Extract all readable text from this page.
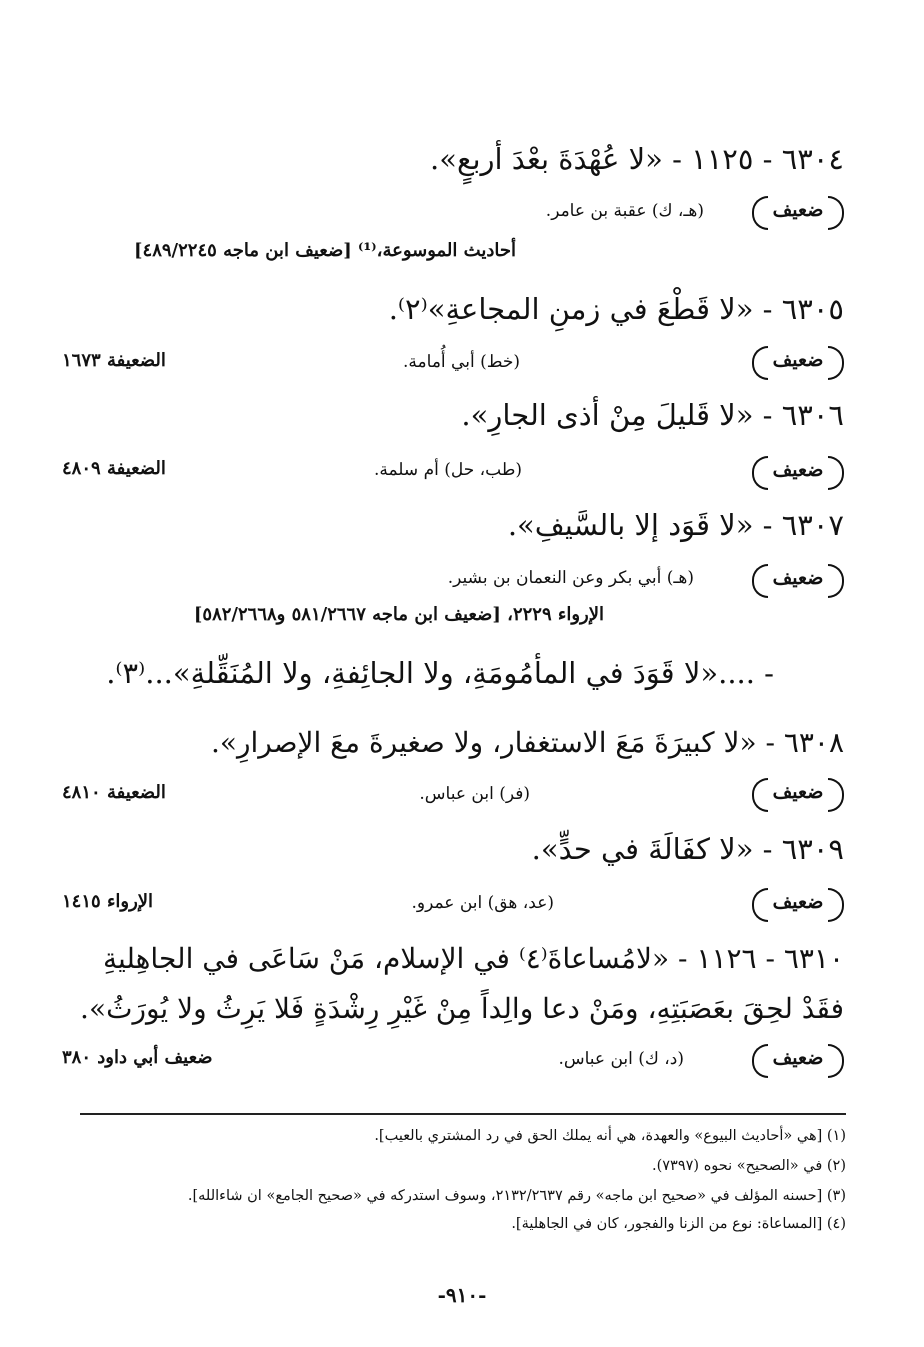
٦٣٠٤ - ١١٢٥ - «لا عُهْدَةَ بعْدَ أربعٍ».
ضعيف
(هـ، ك) عقبة بن عامر.
أحاديث الموسوعة،⁽¹⁾ [ضعيف ابن ماجه ٤٨٩/٢٢٤٥]
٦٣٠٥ - «لا قَطْعَ في زمنِ المجاعةِ»⁽٢⁾.
ضعيف
(خط) أبي أُمامة.
الضعيفة ١٦٧٣
٦٣٠٦ - «لا قَليلَ مِنْ أذى الجارِ».
ضعيف
(طب، حل) أم سلمة.
الضعيفة ٤٨٠٩
٦٣٠٧ - «لا قَوَد إلا بالسَّيفِ».
ضعيف
(هـ) أبي بكر وعن النعمان بن بشير.
الإرواء ٢٢٢٩، [ضعيف ابن ماجه ٥٨١/٢٦٦٧ و٥٨٢/٢٦٦٨]
- ....«لا قَوَدَ في المأمُومَةِ، ولا الجائِفةِ، ولا المُنَقِّلةِ»...⁽٣⁾.
٦٣٠٨ - «لا كبيرَةَ مَعَ الاستغفار، ولا صغيرةَ معَ الإصرارِ».
ضعيف
(فر) ابن عباس.
الضعيفة ٤٨١٠
٦٣٠٩ - «لا كفَالَةَ في حدٍّ».
ضعيف
(عد، هق) ابن عمرو.
الإرواء ١٤١٥
٦٣١٠ - ١١٢٦ - «لامُساعاةَ⁽٤⁾ في الإسلام، مَنْ سَاعَى في الجاهِليةِ
فقَدْ لحِقَ بعَصَبَتِهِ، ومَنْ دعا والِداً مِنْ غَيْرِ رِشْدَةٍ فَلا يَرِثُ ولا يُورَثُ».
ضعيف
(د، ك) ابن عباس.
ضعيف أبي داود ٣٨٠
(١) [هي «أحاديث البيوع» والعهدة، هي أنه يملك الحق في رد المشتري بالعيب].
(٢) في «الصحيح» نحوه (٧٣٩٧).
(٣) [حسنه المؤلف في «صحيح ابن ماجه» رقم ٢١٣٢/٢٦٣٧، وسوف استدركه في «صحيح الجامع» ان شاءالله].
(٤) [المساعاة: نوع من الزنا والفجور، كان في الجاهلية].
-٩١٠-
